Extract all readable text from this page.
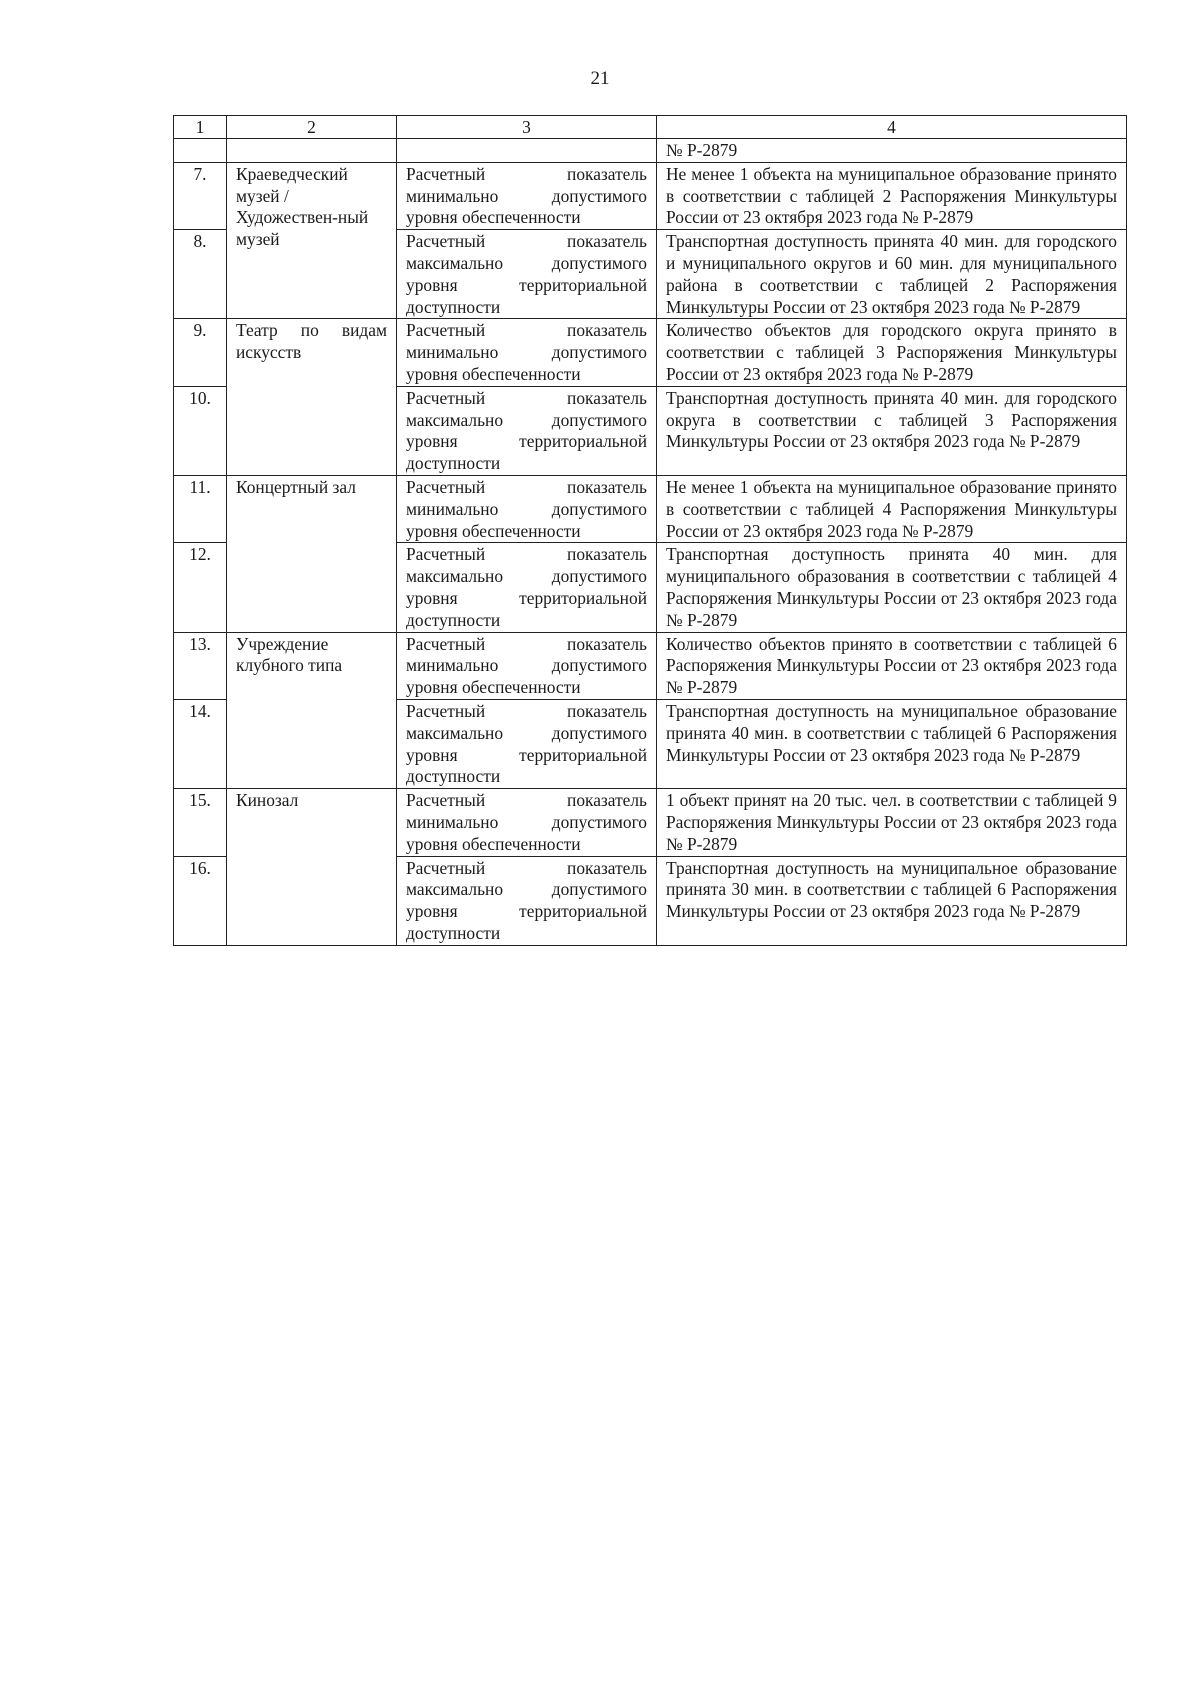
21
1	2	3	4
			№ Р-2879
7.	Краеведческий музей / Художествен-ный музей	Расчетный показатель минимально допустимого уровня обеспеченности	Не менее 1 объекта на муниципальное образование принято в соответствии с таблицей 2 Распоряжения Минкультуры России от 23 октября 2023 года № Р-2879
8.		Расчетный показатель максимально допустимого уровня территориальной доступности	Транспортная доступность принята 40 мин. для городского и муниципального округов и 60 мин. для муниципального района в соответствии с таблицей 2 Распоряжения Минкультуры России от 23 октября 2023 года № Р-2879
9.	Театр по видам искусств	Расчетный показатель минимально допустимого уровня обеспеченности	Количество объектов для городского округа принято в соответствии с таблицей 3 Распоряжения Минкультуры России от 23 октября 2023 года № Р-2879
10.		Расчетный показатель максимально допустимого уровня территориальной доступности	Транспортная доступность принята 40 мин. для городского округа в соответствии с таблицей 3 Распоряжения Минкультуры России от 23 октября 2023 года № Р-2879
11.	Концертный зал	Расчетный показатель минимально допустимого уровня обеспеченности	Не менее 1 объекта на муниципальное образование принято в соответствии с таблицей 4 Распоряжения Минкультуры России от 23 октября 2023 года № Р-2879
12.		Расчетный показатель максимально допустимого уровня территориальной доступности	Транспортная доступность принята 40 мин. для муниципального образования в соответствии с таблицей 4 Распоряжения Минкультуры России от 23 октября 2023 года № Р-2879
13.	Учреждение клубного типа	Расчетный показатель минимально допустимого уровня обеспеченности	Количество объектов принято в соответствии с таблицей 6 Распоряжения Минкультуры России от 23 октября 2023 года № Р-2879
14.		Расчетный показатель максимально допустимого уровня территориальной доступности	Транспортная доступность на муниципальное образование принята 40 мин. в соответствии с таблицей 6 Распоряжения Минкультуры России от 23 октября 2023 года № Р-2879
15.	Кинозал	Расчетный показатель минимально допустимого уровня обеспеченности	1 объект принят на 20 тыс. чел. в соответствии с таблицей 9 Распоряжения Минкультуры России от 23 октября 2023 года № Р-2879
16.		Расчетный показатель максимально допустимого уровня территориальной доступности	Транспортная доступность на муниципальное образование принята 30 мин. в соответствии с таблицей 6 Распоряжения Минкультуры России от 23 октября 2023 года № Р-2879
